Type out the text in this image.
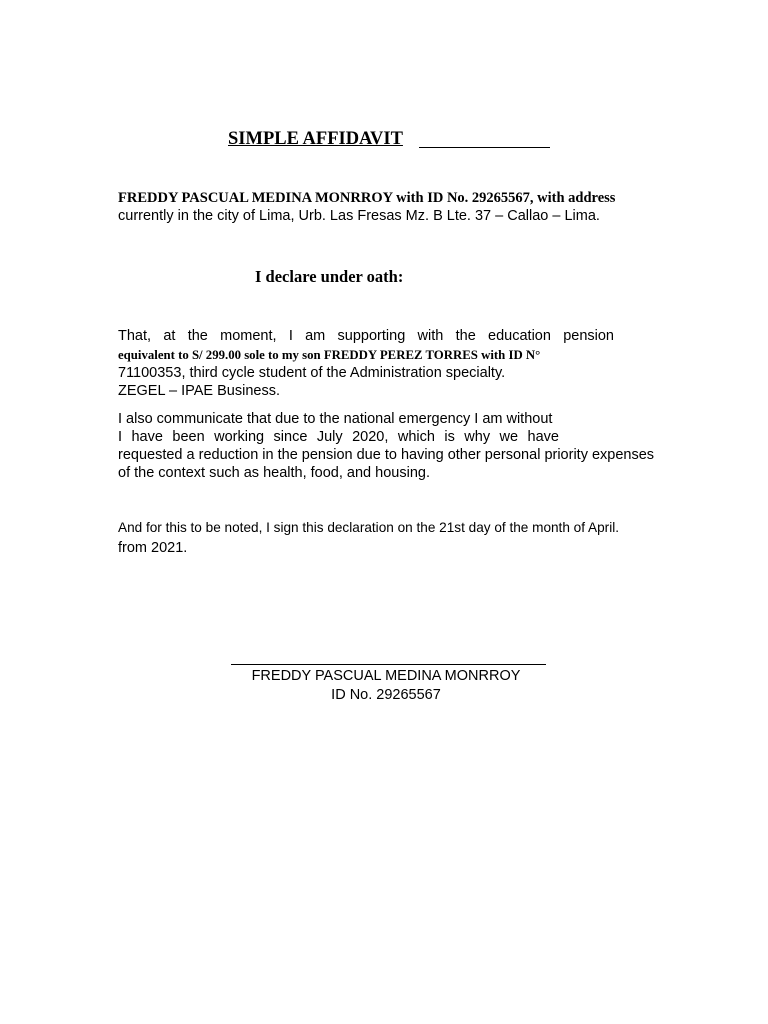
SIMPLE AFFIDAVIT
FREDDY PASCUAL MEDINA MONRROY with ID No. 29265567, with address
currently in the city of Lima, Urb. Las Fresas Mz. B Lte. 37 – Callao – Lima.
I declare under oath:
That, at the moment, I am supporting with the education pension
equivalent to S/ 299.00 sole to my son FREDDY PEREZ TORRES with ID N°
71100353, third cycle student of the Administration specialty.
ZEGEL – IPAE Business.
I also communicate that due to the national emergency I am without
I have been working since July 2020, which is why we have
requested a reduction in the pension due to having other personal priority expenses
of the context such as health, food, and housing.
And for this to be noted, I sign this declaration on the 21st day of the month of April.
from 2021.
FREDDY PASCUAL MEDINA MONRROY
ID No. 29265567
